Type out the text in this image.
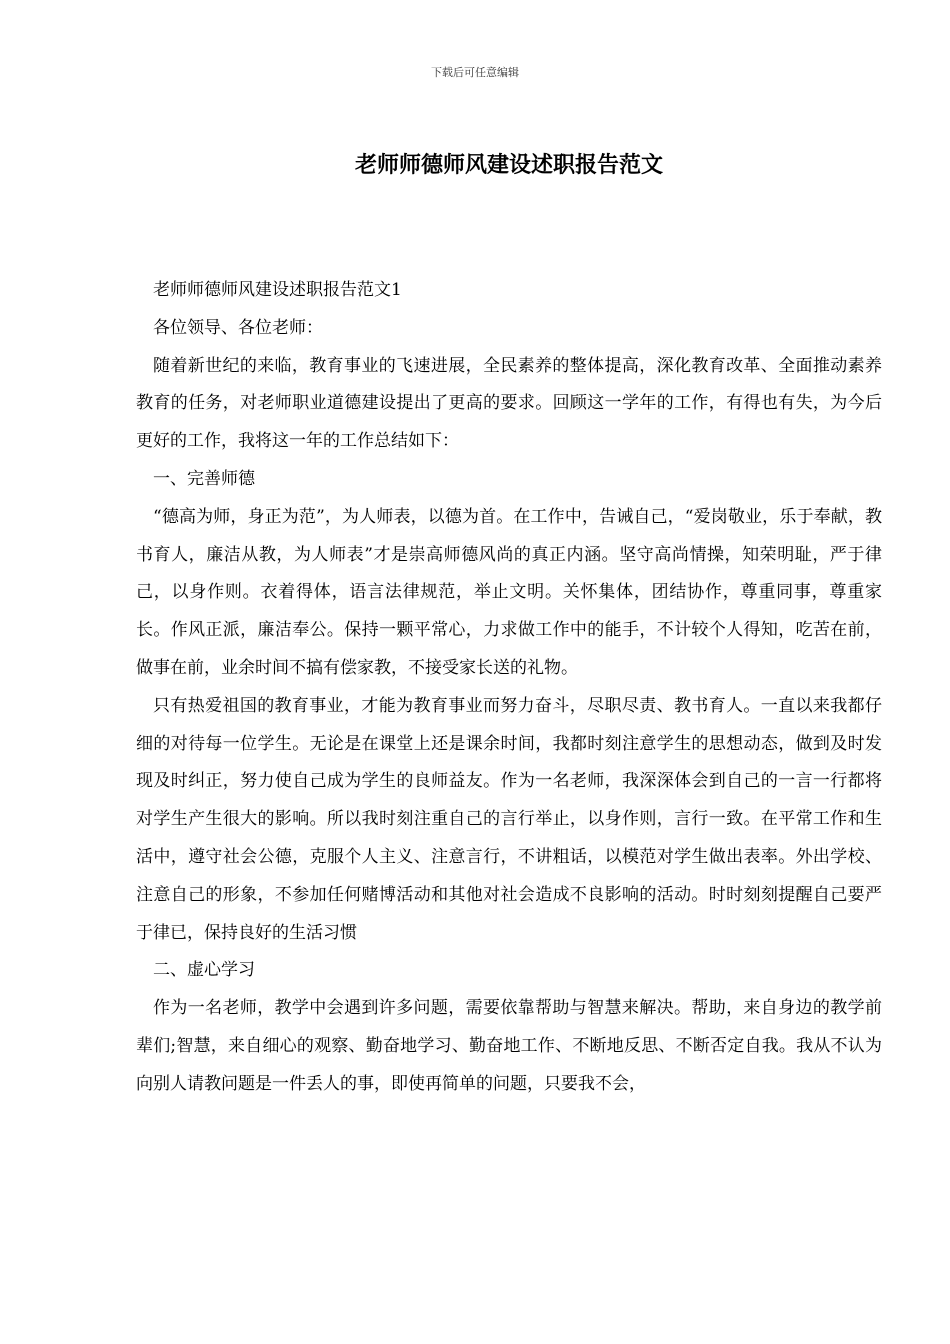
下载后可任意编辑
老师师德师风建设述职报告范文

老师师德师风建设述职报告范文1

各位领导、各位老师：

随着新世纪的来临，教育事业的飞速进展，全民素养的整体提高，深化教育改革、全面推动素养教育的任务，对老师职业道德建设提出了更高的要求。回顾这一学年的工作，有得也有失，为今后更好的工作，我将这一年的工作总结如下：

一、完善师德

“德高为师，身正为范”，为人师表，以德为首。在工作中，告诫自己，“爱岗敬业，乐于奉献，教书育人，廉洁从教，为人师表”才是崇高师德风尚的真正内涵。坚守高尚情操，知荣明耻，严于律己，以身作则。衣着得体，语言法律规范，举止文明。关怀集体，团结协作，尊重同事，尊重家长。作风正派，廉洁奉公。保持一颗平常心，力求做工作中的能手，不计较个人得知，吃苦在前，做事在前，业余时间不搞有偿家教，不接受家长送的礼物。

只有热爱祖国的教育事业，才能为教育事业而努力奋斗，尽职尽责、教书育人。一直以来我都仔细的对待每一位学生。无论是在课堂上还是课余时间，我都时刻注意学生的思想动态，做到及时发现及时纠正，努力使自己成为学生的良师益友。作为一名老师，我深深体会到自己的一言一行都将对学生产生很大的影响。所以我时刻注重自己的言行举止，以身作则，言行一致。在平常工作和生活中，遵守社会公德，克服个人主义、注意言行，不讲粗话，以模范对学生做出表率。外出学校、注意自己的形象，不参加任何赌博活动和其他对社会造成不良影响的活动。时时刻刻提醒自己要严于律已，保持良好的生活习惯

二、虚心学习

作为一名老师，教学中会遇到许多问题，需要依靠帮助与智慧来解决。帮助，来自身边的教学前辈们;智慧，来自细心的观察、勤奋地学习、勤奋地工作、不断地反思、不断否定自我。我从不认为向别人请教问题是一件丢人的事，即使再简单的问题，只要我不会，
